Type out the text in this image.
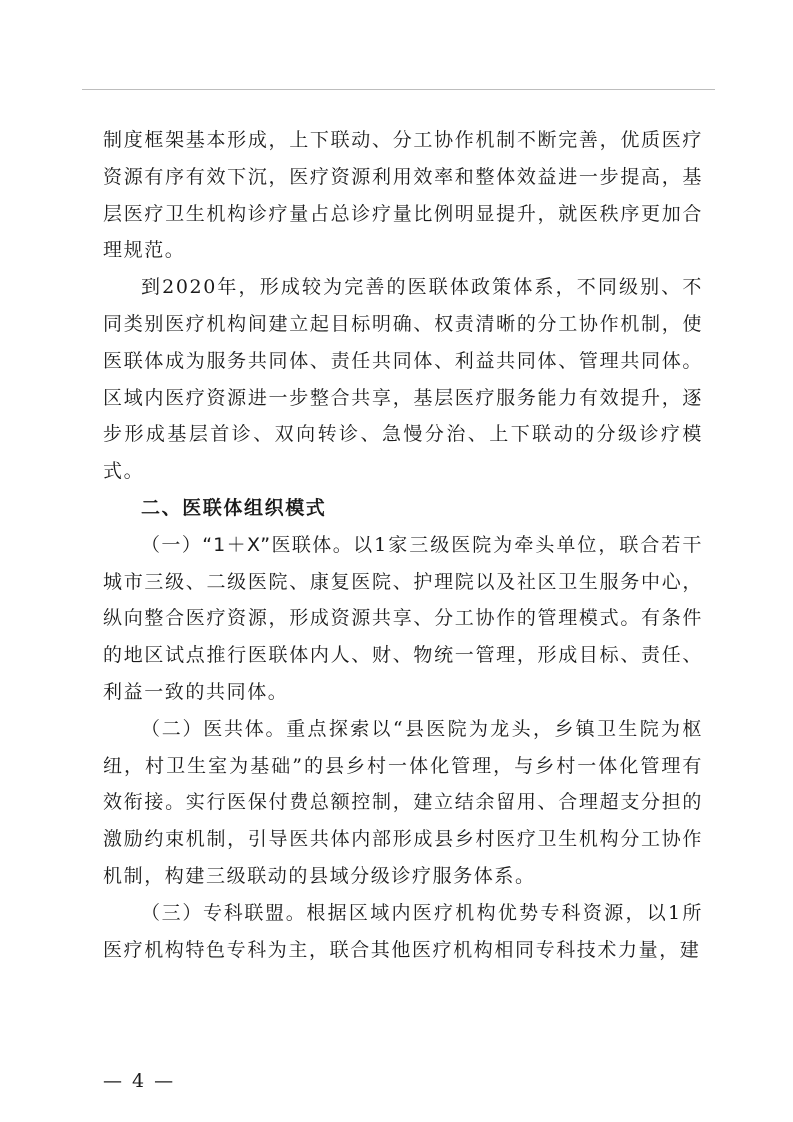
制度框架基本形成，上下联动、分工协作机制不断完善，优质医疗资源有序有效下沉，医疗资源利用效率和整体效益进一步提高，基层医疗卫生机构诊疗量占总诊疗量比例明显提升，就医秩序更加合理规范。

到2020年，形成较为完善的医联体政策体系，不同级别、不同类别医疗机构间建立起目标明确、权责清晰的分工协作机制，使医联体成为服务共同体、责任共同体、利益共同体、管理共同体。区域内医疗资源进一步整合共享，基层医疗服务能力有效提升，逐步形成基层首诊、双向转诊、急慢分治、上下联动的分级诊疗模式。

二、医联体组织模式

（一）“1＋X”医联体。以1家三级医院为牵头单位，联合若干城市三级、二级医院、康复医院、护理院以及社区卫生服务中心，纵向整合医疗资源，形成资源共享、分工协作的管理模式。有条件的地区试点推行医联体内人、财、物统一管理，形成目标、责任、利益一致的共同体。

（二）医共体。重点探索以“县医院为龙头，乡镇卫生院为枢纽，村卫生室为基础”的县乡村一体化管理，与乡村一体化管理有效衔接。实行医保付费总额控制，建立结余留用、合理超支分担的激励约束机制，引导医共体内部形成县乡村医疗卫生机构分工协作机制，构建三级联动的县域分级诊疗服务体系。

（三）专科联盟。根据区域内医疗机构优势专科资源，以1所医疗机构特色专科为主，联合其他医疗机构相同专科技术力量，建

— 4 —
